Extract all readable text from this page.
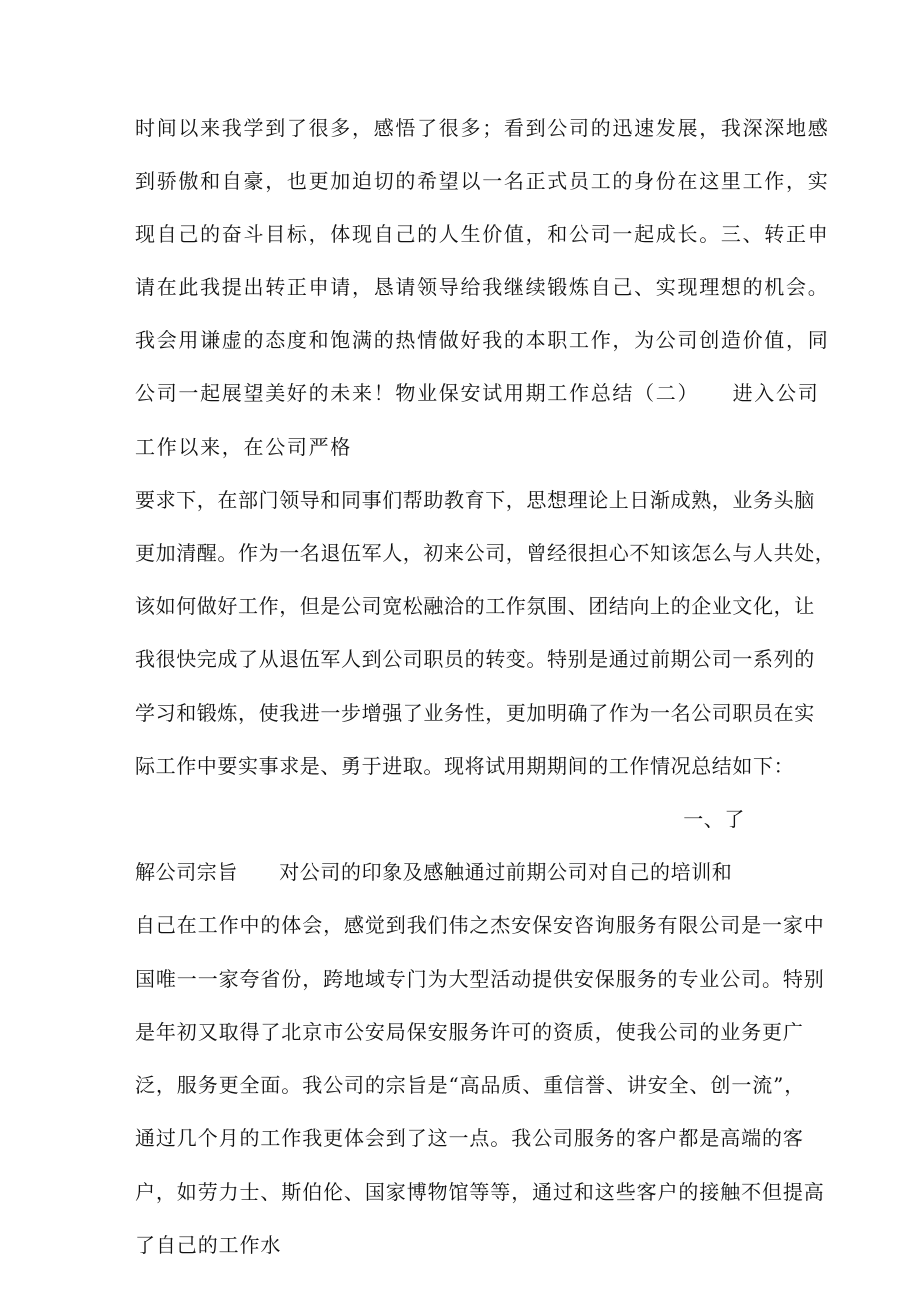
时间以来我学到了很多，感悟了很多；看到公司的迅速发展，我深深地感

到骄傲和自豪，也更加迫切的希望以一名正式员工的身份在这里工作，实

现自己的奋斗目标，体现自己的人生价值，和公司一起成长。三、转正申

请在此我提出转正申请，恳请领导给我继续锻炼自己、实现理想的机会。

我会用谦虚的态度和饱满的热情做好我的本职工作，为公司创造价值，同

公司一起展望美好的未来！物业保安试用期工作总结（二）　　进入公司

工作以来，在公司严格

要求下，在部门领导和同事们帮助教育下，思想理论上日渐成熟，业务头脑

更加清醒。作为一名退伍军人，初来公司，曾经很担心不知该怎么与人共处，

该如何做好工作，但是公司宽松融洽的工作氛围、团结向上的企业文化，让

我很快完成了从退伍军人到公司职员的转变。特别是通过前期公司一系列的

学习和锻炼，使我进一步增强了业务性，更加明确了作为一名公司职员在实

际工作中要实事求是、勇于进取。现将试用期期间的工作情况总结如下：

一、了

解公司宗旨　　对公司的印象及感触通过前期公司对自己的培训和

自己在工作中的体会，感觉到我们伟之杰安保安咨询服务有限公司是一家中

国唯一一家夸省份，跨地域专门为大型活动提供安保服务的专业公司。特别

是年初又取得了北京市公安局保安服务许可的资质，使我公司的业务更广

泛，服务更全面。我公司的宗旨是“高品质、重信誉、讲安全、创一流”，

通过几个月的工作我更体会到了这一点。我公司服务的客户都是高端的客

户，如劳力士、斯伯伦、国家博物馆等等，通过和这些客户的接触不但提高

了自己的工作水
